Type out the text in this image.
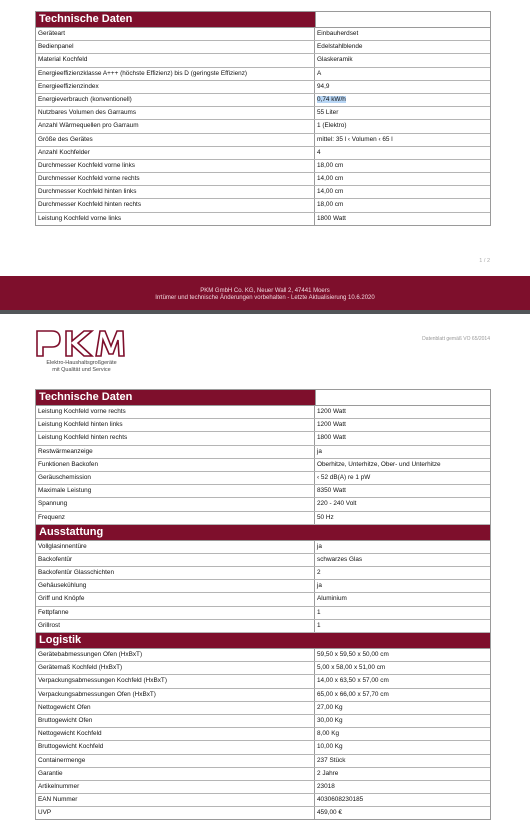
Technische Daten
Geräteart	Einbauherdset
Bedienpanel	Edelstahlblende
Material Kochfeld	Glaskeramik
Energieeffizienzklasse A+++ (höchste Effizienz) bis D (geringste Effizienz)	A
Energieeffizienzindex	94,9
Energieverbrauch (konventionell)	0,74 kW/h
Nutzbares Volumen des Garraums	55 Liter
Anzahl Wärmequellen pro Garraum	1 (Elektro)
Größe des Gerätes	mittel: 35 l ‹ Volumen ‹ 65 l
Anzahl Kochfelder	4
Durchmesser Kochfeld vorne links	18,00 cm
Durchmesser Kochfeld vorne rechts	14,00 cm
Durchmesser Kochfeld hinten links	14,00 cm
Durchmesser Kochfeld hinten rechts	18,00 cm
Leistung Kochfeld vorne links	1800 Watt
1 / 2
PKM GmbH Co. KG, Neuer Wall 2, 47441 Moers
Irrtümer und technische Änderungen vorbehalten - Letzte Aktualisierung 10.6.2020
Elektro-Haushaltsgroßgeräte
mit Qualität und Service
Datenblatt gemäß VO 65/2014
Technische Daten
Leistung Kochfeld vorne rechts	1200 Watt
Leistung Kochfeld hinten links	1200 Watt
Leistung Kochfeld hinten rechts	1800 Watt
Restwärmeanzeige	ja
Funktionen Backofen	Oberhitze, Unterhitze, Ober- und Unterhitze
Geräuschemission	‹ 52 dB(A) re 1 pW
Maximale Leistung	8350 Watt
Spannung	220 - 240 Volt
Frequenz	50 Hz
Ausstattung
Vollglasinnentüre	ja
Backofentür	schwarzes Glas
Backofentür Glasschichten	2
Gehäusekühlung	ja
Griff und Knöpfe	Aluminium
Fettpfanne	1
Grillrost	1
Logistik
Gerätebabmessungen Ofen (HxBxT)	59,50 x 59,50 x 50,00 cm
Gerätemaß Kochfeld (HxBxT)	5,00 x 58,00 x 51,00 cm
Verpackungsabmessungen Kochfeld (HxBxT)	14,00 x 63,50 x 57,00 cm
Verpackungsabmessungen Ofen (HxBxT)	65,00 x 66,00 x 57,70 cm
Nettogewicht Ofen	27,00 Kg
Bruttogewicht Ofen	30,00 Kg
Nettogewicht Kochfeld	8,00 Kg
Bruttogewicht Kochfeld	10,00 Kg
Containermenge	237 Stück
Garantie	2 Jahre
Artikelnummer	23018
EAN Nummer	4030608230185
UVP	459,00 €
